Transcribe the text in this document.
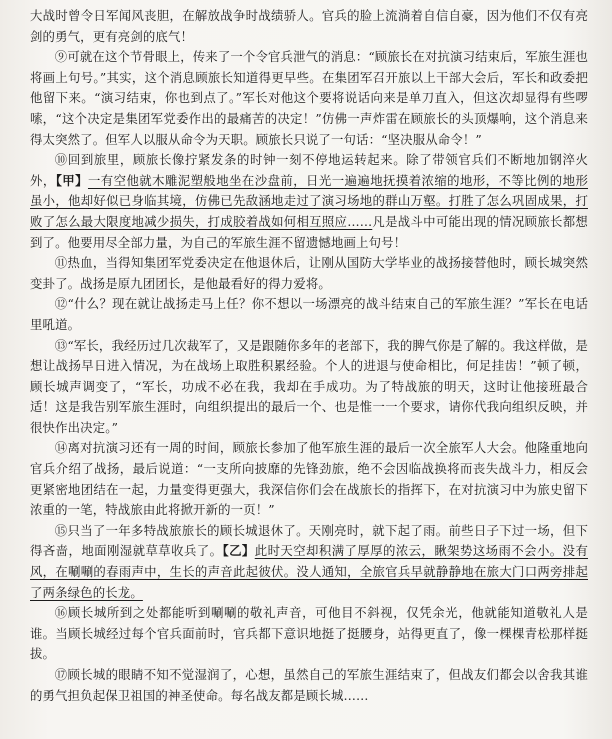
大战时曾令日军闻风丧胆，在解放战争时战绩骄人。官兵的脸上流淌着自信自豪，因为他们不仅有亮剑的勇气，更有亮剑的底气！

⑨可就在这个节骨眼上，传来了一个令官兵泄气的消息：“顾旅长在对抗演习结束后，军旅生涯也将画上句号。”其实，这个消息顾旅长知道得更早些。在集团军召开旅以上干部大会后，军长和政委把他留下来。“演习结束，你也到点了。”军长对他这个要将说话向来是单刀直入，但这次却显得有些啰嗦，“这个决定是集团军党委作出的最痛苦的决定！”仿佛一声炸雷在顾旅长的头顶爆响，这个消息来得太突然了。但军人以服从命令为天职。顾旅长只说了一句话：“坚决服从命令！”

⑩回到旅里，顾旅长像拧紧发条的时钟一刻不停地运转起来。除了带领官兵们不断地加钢淬火外，【甲】一有空他就木雕泥塑般地坐在沙盘前，日光一遍遍地抚摸着浓缩的地形，不等比例的地形虽小，他却好似已身临其境，仿佛已先敌涵地走过了演习场地的群山万壑。打胜了怎么巩固成果，打败了怎么最大限度地减少损失，打成胶着战如何相互照应……凡是战斗中可能出现的情况顾旅长都想到了。他要用尽全部力量，为自己的军旅生涯不留遗憾地画上句号！

⑪热血，当得知集团军党委决定在他退休后，让刚从国防大学毕业的战扬接替他时，顾长城突然变卦了。战扬是原九团团长，是他最看好的得力爱将。

⑫“什么？现在就让战扬走马上任？你不想以一场漂亮的战斗结束自己的军旅生涯？”军长在电话里吼道。

⑬“军长，我经历过几次裁军了，又是跟随你多年的老部下，我的脾气你是了解的。我这样做，是想让战扬早日进入情况，为在战场上取胜积累经验。个人的进退与使命相比，何足挂齿！”顿了顿，顾长城声调变了，“军长，功成不必在我，我却在手成功。为了特战旅的明天，这时让他接班最合适！这是我告别军旅生涯时，向组织提出的最后一个、也是惟一一个要求，请你代我向组织反映，并很快作出决定。”

⑭离对抗演习还有一周的时间，顾旅长参加了他军旅生涯的最后一次全旅军人大会。他隆重地向官兵介绍了战扬，最后说道：“一支所向披靡的先锋劲旅，绝不会因临战换将而丧失战斗力，相反会更紧密地团结在一起，力量变得更强大，我深信你们会在战旅长的指挥下，在对抗演习中为旅史留下浓重的一笔，特战旅由此将掀开新的一页！”

⑮只当了一年多特战旅旅长的顾长城退休了。天刚亮时，就下起了雨。前些日子下过一场，但下得吝啬，地面刚湿就草草收兵了。【乙】此时天空却积满了厚厚的浓云，瞅架势这场雨不会小。没有风，在唰唰的春雨声中，生长的声音此起彼伏。没人通知，全旅官兵早就静静地在旅大门口两旁排起了两条绿色的长龙。

⑯顾长城所到之处都能听到唰唰的敬礼声音，可他目不斜视，仅凭余光，他就能知道敬礼人是谁。当顾长城经过每个官兵面前时，官兵都下意识地挺了挺腰身，站得更直了，像一棵棵青松那样挺拔。

⑰顾长城的眼睛不知不觉湿润了，心想，虽然自己的军旅生涯结束了，但战友们都会以舍我其谁的勇气担负起保卫祖国的神圣使命。每名战友都是顾长城……
